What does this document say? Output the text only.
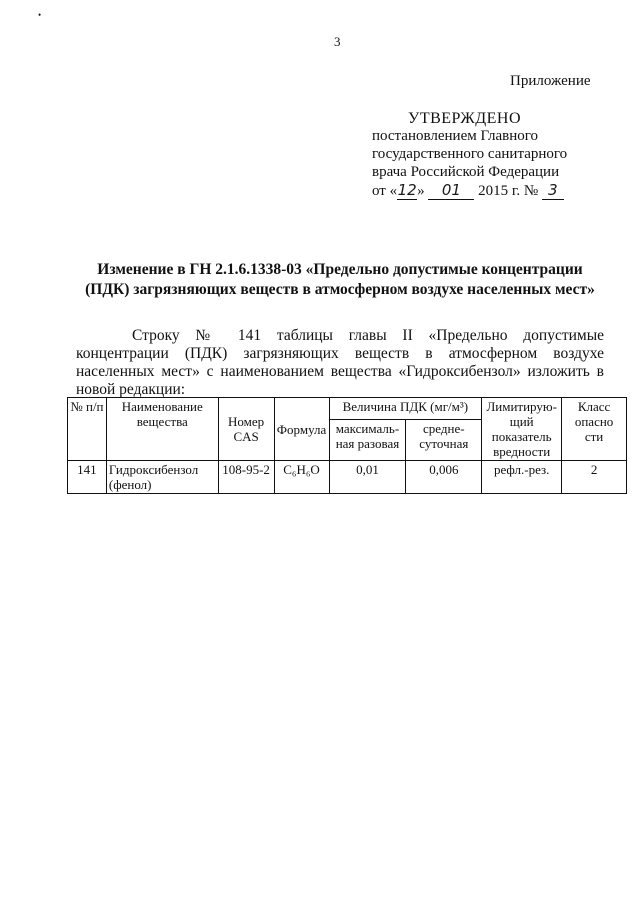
•
3
Приложение
УТВЕРЖДЕНО
постановлением Главного
государственного санитарного
врача Российской Федерации
от «12» 01 2015 г. № 3
Изменение в ГН 2.1.6.1338-03 «Предельно допустимые концентрации
(ПДК) загрязняющих веществ в атмосферном воздухе населенных мест»
Строку № 141 таблицы главы II «Предельно допустимые концентрации (ПДК) загрязняющих веществ в атмосферном воздухе населенных мест» с наименованием вещества «Гидроксибензол» изложить в новой редакции:
№ п/п	Наименование вещества	Номер CAS	Формула	Величина ПДК (мг/м³)		Лимитирую-щий показатель вредности	Класс опасно сти
				максималь-ная разовая	средне-суточная		
141	Гидроксибензол (фенол)	108-95-2	C₆H₆O	0,01	0,006	рефл.-рез.	2
